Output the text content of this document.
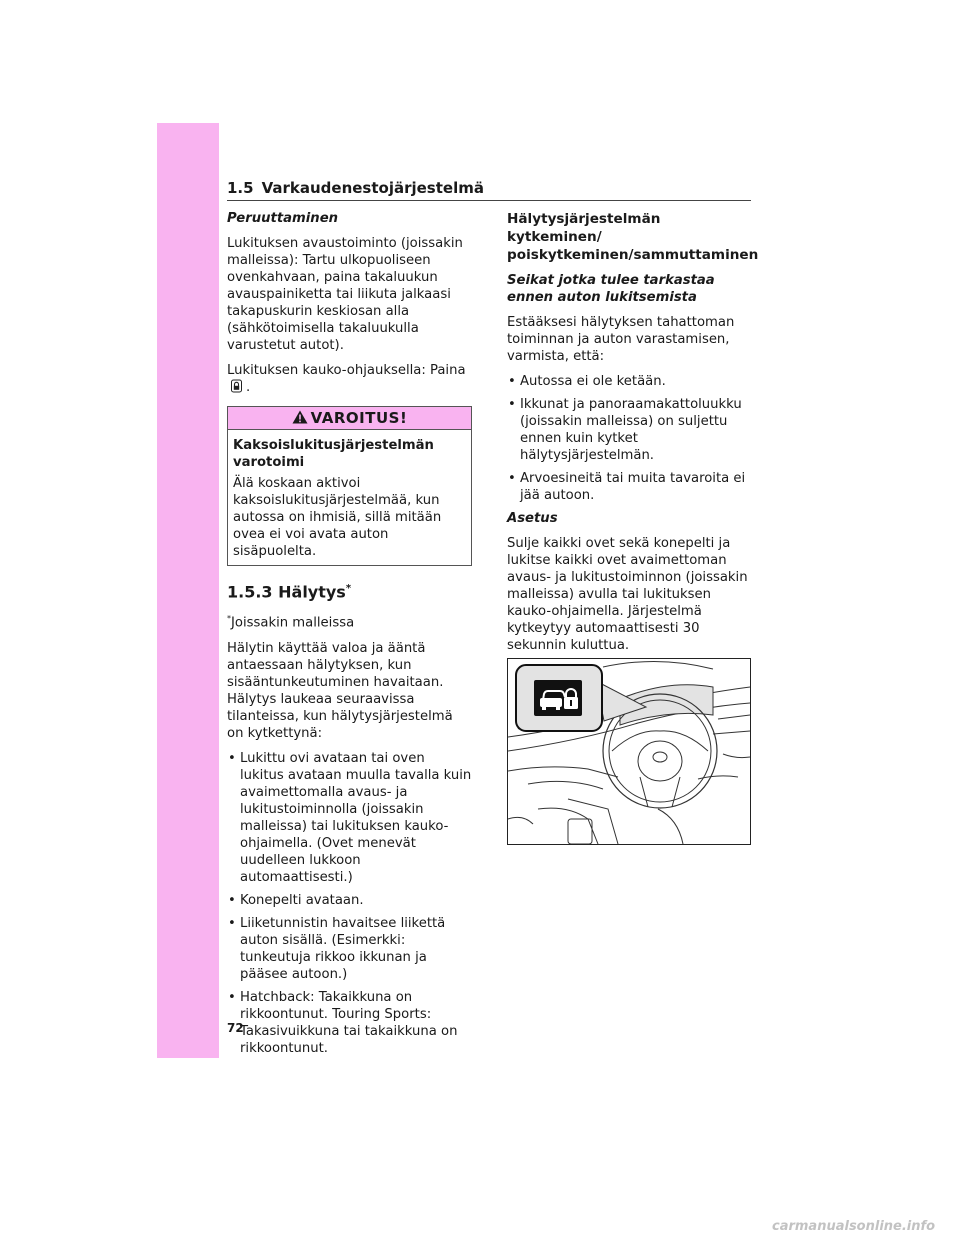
1.5 Varkaudenestojärjestelmä

Peruuttaminen

Lukituksen avaustoiminto (joissakin malleissa): Tartu ulkopuoliseen ovenkahvaan, paina takaluukun avauspainiketta tai liikuta jalkaasi takapuskurin keskiosan alla (sähkötoimisella takaluukulla varustetut autot).

Lukituksen kauko-ohjauksella: Paina .

VAROITUS!
Kaksoislukitusjärjestelmän varotoimi
Älä koskaan aktivoi kaksoislukitusjärjestelmää, kun autossa on ihmisiä, sillä mitään ovea ei voi avata auton sisäpuolelta.
1.5.3 Hälytys*

*Joissakin malleissa

Hälytin käyttää valoa ja ääntä antaessaan hälytyksen, kun sisääntunkeutuminen havaitaan. Hälytys laukeaa seuraavissa tilanteissa, kun hälytysjärjestelmä on kytkettynä:

• Lukittu ovi avataan tai oven lukitus avataan muulla tavalla kuin avaimettomalla avaus- ja lukitustoiminnolla (joissakin malleissa) tai lukituksen kauko-ohjaimella. (Ovet menevät uudelleen lukkoon automaattisesti.)
• Konepelti avataan.
• Liiketunnistin havaitsee liikettä auton sisällä. (Esimerkki: tunkeutuja rikkoo ikkunan ja pääsee autoon.)
• Hatchback: Takaikkuna on rikkoontunut. Touring Sports: Takasivuikkuna tai takaikkuna on rikkoontunut.

Hälytysjärjestelmän kytkeminen/ poiskytkeminen/sammuttaminen

Seikat jotka tulee tarkastaa ennen auton lukitsemista

Estääksesi hälytyksen tahattoman toiminnan ja auton varastamisen, varmista, että:

• Autossa ei ole ketään.
• Ikkunat ja panoraamakattoluukku (joissakin malleissa) on suljettu ennen kuin kytket hälytysjärjestelmän.
• Arvoesineitä tai muita tavaroita ei jää autoon.

Asetus

Sulje kaikki ovet sekä konepelti ja lukitse kaikki ovet avaimettoman avaus- ja lukitustoiminnon (joissakin malleissa) avulla tai lukituksen kauko-ohjaimella. Järjestelmä kytkeytyy automaattisesti 30 sekunnin kuluttua.

72
carmanualsonline.info
